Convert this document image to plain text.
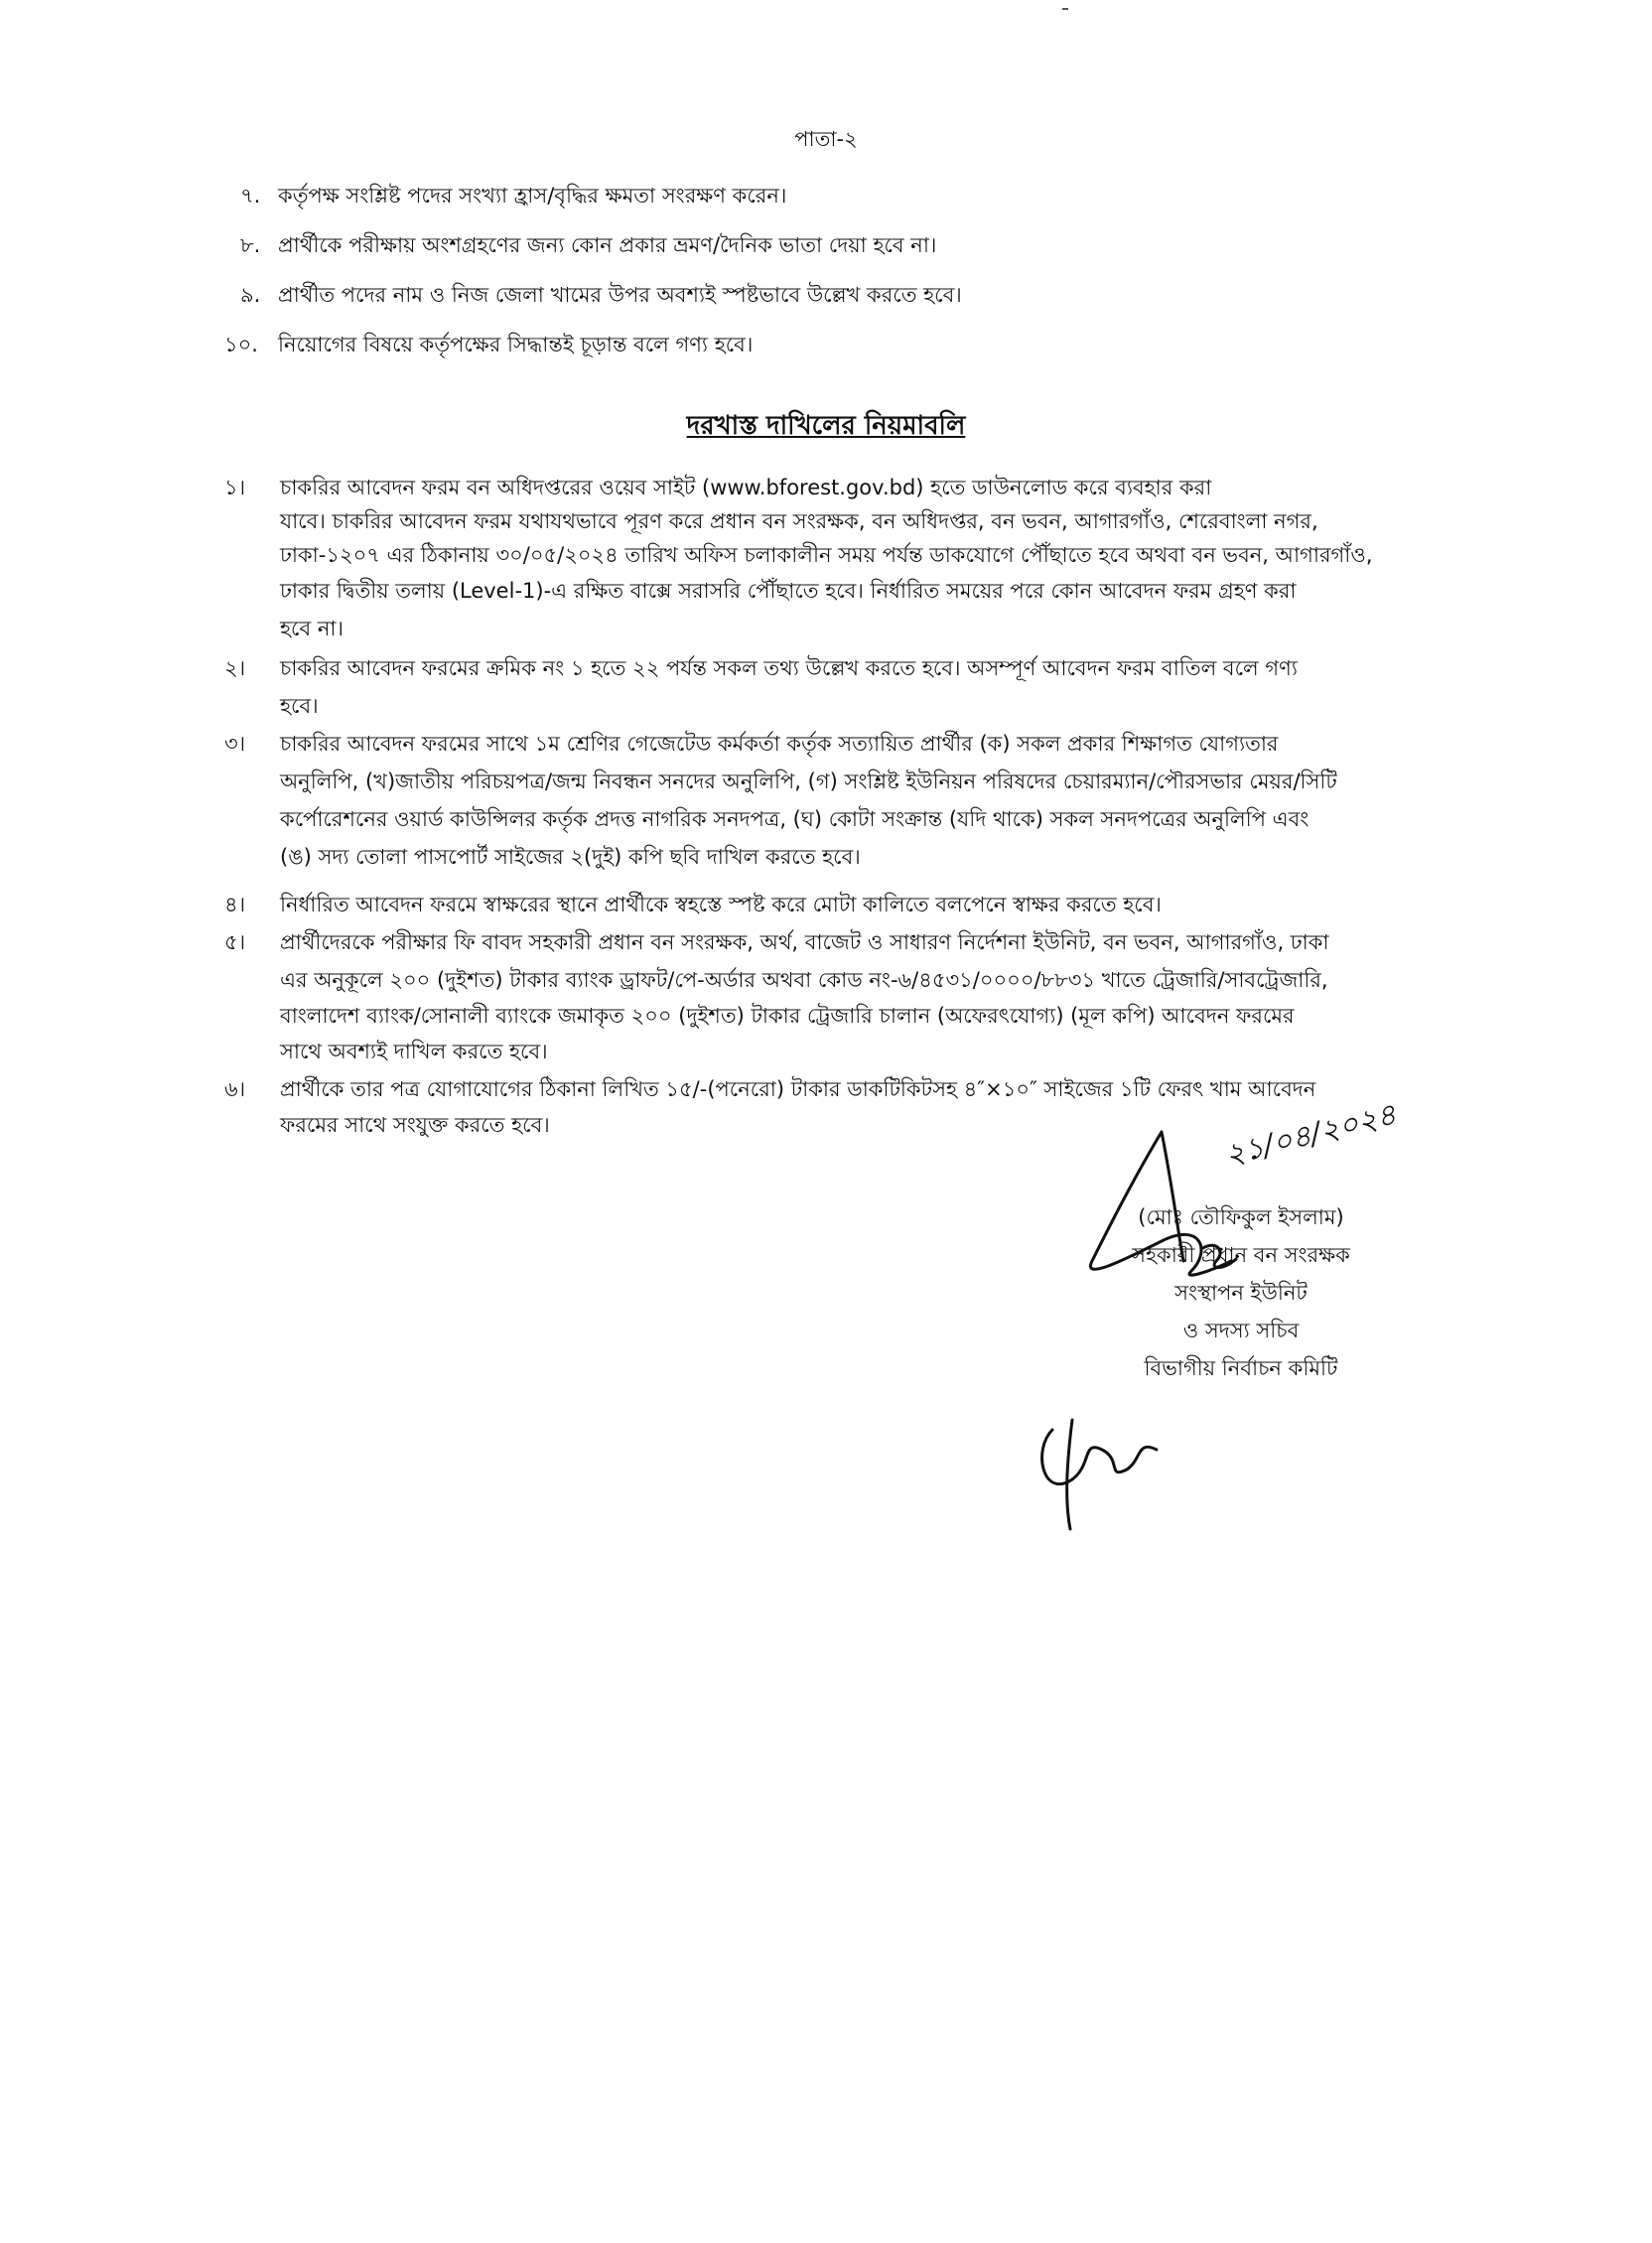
পাতা-২
৭. কর্তৃপক্ষ সংশ্লিষ্ট পদের সংখ্যা হ্রাস/বৃদ্ধির ক্ষমতা সংরক্ষণ করেন।
৮. প্রার্থীকে পরীক্ষায় অংশগ্রহণের জন্য কোন প্রকার ভ্রমণ/দৈনিক ভাতা দেয়া হবে না।
৯. প্রার্থীত পদের নাম ও নিজ জেলা খামের উপর অবশ্যই স্পষ্টভাবে উল্লেখ করতে হবে।
১০. নিয়োগের বিষয়ে কর্তৃপক্ষের সিদ্ধান্তই চূড়ান্ত বলে গণ্য হবে।
দরখাস্ত দাখিলের নিয়মাবলি
১। চাকরির আবেদন ফরম বন অধিদপ্তরের ওয়েব সাইট (www.bforest.gov.bd) হতে ডাউনলোড করে ব্যবহার করা
যাবে। চাকরির আবেদন ফরম যথাযথভাবে পূরণ করে প্রধান বন সংরক্ষক, বন অধিদপ্তর, বন ভবন, আগারগাঁও, শেরেবাংলা নগর,
ঢাকা-১২০৭ এর ঠিকানায় ৩০/০৫/২০২৪ তারিখ অফিস চলাকালীন সময় পর্যন্ত ডাকযোগে পৌঁছাতে হবে অথবা বন ভবন, আগারগাঁও,
ঢাকার দ্বিতীয় তলায় (Level-1)-এ রক্ষিত বাক্সে সরাসরি পৌঁছাতে হবে। নির্ধারিত সময়ের পরে কোন আবেদন ফরম গ্রহণ করা
হবে না।
২। চাকরির আবেদন ফরমের ক্রমিক নং ১ হতে ২২ পর্যন্ত সকল তথ্য উল্লেখ করতে হবে। অসম্পূর্ণ আবেদন ফরম বাতিল বলে গণ্য
হবে।
৩। চাকরির আবেদন ফরমের সাথে ১ম শ্রেণির গেজেটেড কর্মকর্তা কর্তৃক সত্যায়িত প্রার্থীর (ক) সকল প্রকার শিক্ষাগত যোগ্যতার
অনুলিপি, (খ)জাতীয় পরিচয়পত্র/জন্ম নিবন্ধন সনদের অনুলিপি, (গ) সংশ্লিষ্ট ইউনিয়ন পরিষদের চেয়ারম্যান/পৌরসভার মেয়র/সিটি
কর্পোরেশনের ওয়ার্ড কাউন্সিলর কর্তৃক প্রদত্ত নাগরিক সনদপত্র, (ঘ) কোটা সংক্রান্ত (যদি থাকে) সকল সনদপত্রের অনুলিপি এবং
(ঙ) সদ্য তোলা পাসপোর্ট সাইজের ২(দুই) কপি ছবি দাখিল করতে হবে।
৪। নির্ধারিত আবেদন ফরমে স্বাক্ষরের স্থানে প্রার্থীকে স্বহস্তে স্পষ্ট করে মোটা কালিতে বলপেনে স্বাক্ষর করতে হবে।
৫। প্রার্থীদেরকে পরীক্ষার ফি বাবদ সহকারী প্রধান বন সংরক্ষক, অর্থ, বাজেট ও সাধারণ নির্দেশনা ইউনিট, বন ভবন, আগারগাঁও, ঢাকা
এর অনুকূলে ২০০ (দুইশত) টাকার ব্যাংক ড্রাফট/পে-অর্ডার অথবা কোড নং-৬/৪৫৩১/০০০০/৮৮৩১ খাতে ট্রেজারি/সাবট্রেজারি,
বাংলাদেশ ব্যাংক/সোনালী ব্যাংকে জমাকৃত ২০০ (দুইশত) টাকার ট্রেজারি চালান (অফেরৎযোগ্য) (মূল কপি) আবেদন ফরমের
সাথে অবশ্যই দাখিল করতে হবে।
৬। প্রার্থীকে তার পত্র যোগাযোগের ঠিকানা লিখিত ১৫/-(পনেরো) টাকার ডাকটিকিটসহ ৪″×১০″ সাইজের ১টি ফেরৎ খাম আবেদন
ফরমের সাথে সংযুক্ত করতে হবে।	২১/০৪/২০২৪
(মোঃ তৌফিকুল ইসলাম)
সহকারী প্রধান বন সংরক্ষক
সংস্থাপন ইউনিট
ও সদস্য সচিব
বিভাগীয় নির্বাচন কমিটি
